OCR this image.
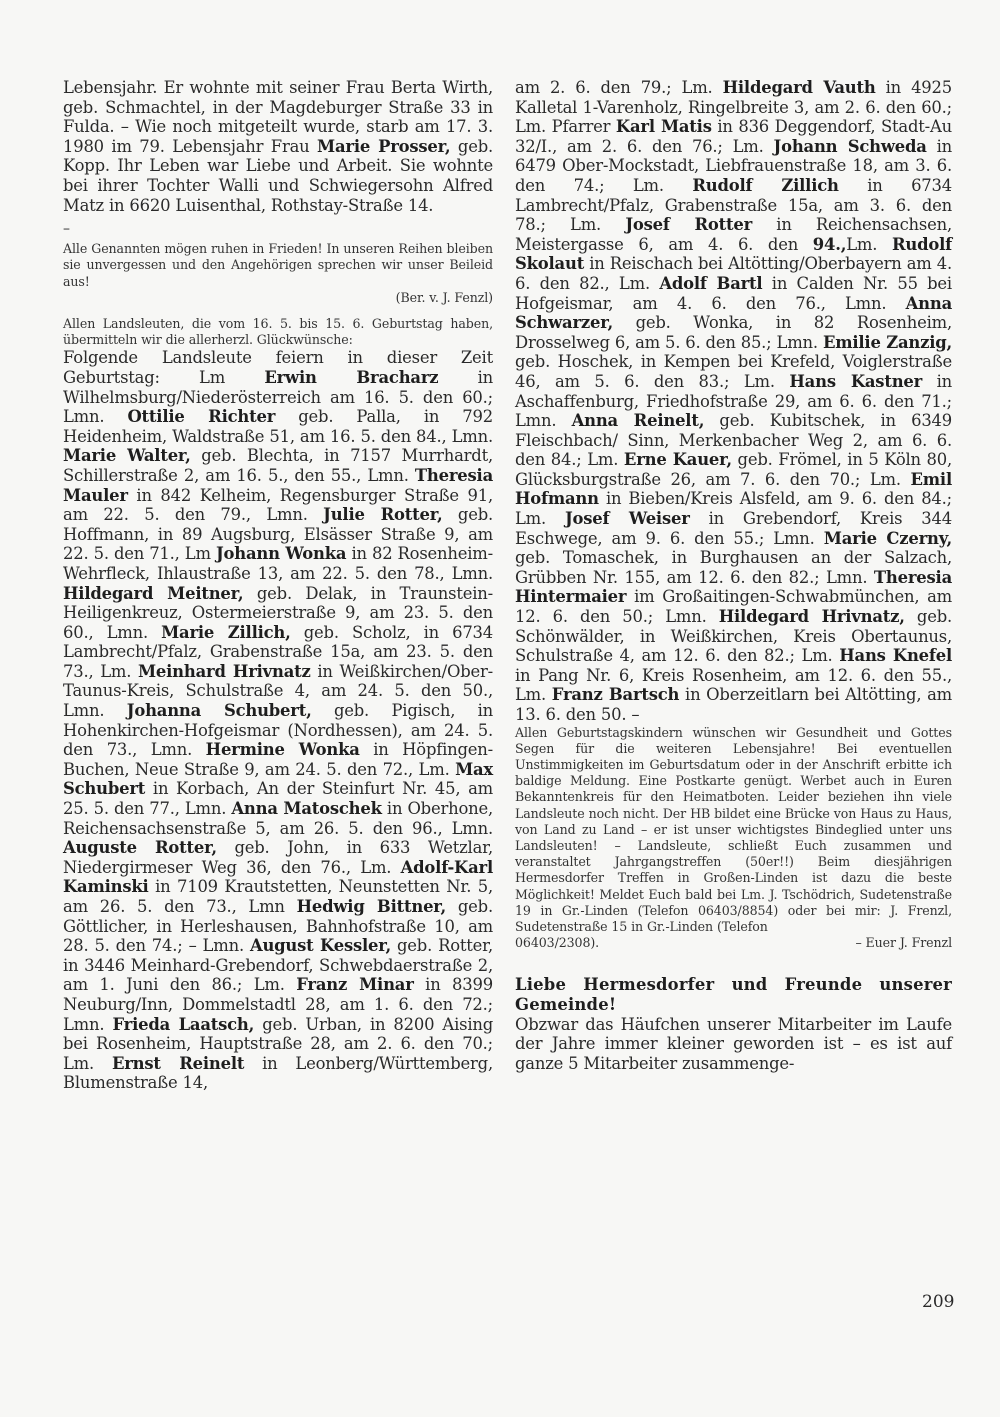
Lebensjahr. Er wohnte mit seiner Frau Berta Wirth, geb. Schmachtel, in der Magdeburger Straße 33 in Fulda. – Wie noch mitgeteilt wurde, starb am 17. 3. 1980 im 79. Lebensjahr Frau Marie Prosser, geb. Kopp. Ihr Leben war Liebe und Arbeit. Sie wohnte bei ihrer Tochter Walli und Schwiegersohn Alfred Matz in 6620 Luisenthal, Rothstay-Straße 14.

–

Alle Genannten mögen ruhen in Frieden! In unseren Reihen bleiben sie unvergessen und den Angehörigen sprechen wir unser Beileid aus!

(Ber. v. J. Fenzl)

Allen Landsleuten, die vom 16. 5. bis 15. 6. Geburtstag haben, übermitteln wir die allerherzl. Glückwünsche:

Folgende Landsleute feiern in dieser Zeit Geburtstag: Lm Erwin Bracharz in Wilhelmsburg/Niederösterreich am 16. 5. den 60.; Lmn. Ottilie Richter geb. Palla, in 792 Heidenheim, Waldstraße 51, am 16. 5. den 84., Lmn. Marie Walter, geb. Blechta, in 7157 Murrhardt, Schillerstraße 2, am 16. 5., den 55., Lmn. Theresia Mauler in 842 Kelheim, Regensburger Straße 91, am 22. 5. den 79., Lmn. Julie Rotter, geb. Hoffmann, in 89 Augsburg, Elsässer Straße 9, am 22. 5. den 71., Lm Johann Wonka in 82 Rosenheim-Wehrfleck, Ihlaustraße 13, am 22. 5. den 78., Lmn. Hildegard Meitner, geb. Delak, in Traunstein-Heiligenkreuz, Ostermeierstraße 9, am 23. 5. den 60., Lmn. Marie Zillich, geb. Scholz, in 6734 Lambrecht/Pfalz, Grabenstraße 15a, am 23. 5. den 73., Lm. Meinhard Hrivnatz in Weißkirchen/Ober-Taunus-Kreis, Schulstraße 4, am 24. 5. den 50., Lmn. Johanna Schubert, geb. Pigisch, in Hohenkirchen-Hofgeismar (Nordhessen), am 24. 5. den 73., Lmn. Hermine Wonka in Höpfingen-Buchen, Neue Straße 9, am 24. 5. den 72., Lm. Max Schubert in Korbach, An der Steinfurt Nr. 45, am 25. 5. den 77., Lmn. Anna Matoschek in Oberhone, Reichensachsenstraße 5, am 26. 5. den 96., Lmn. Auguste Rotter, geb. John, in 633 Wetzlar, Niedergirmeser Weg 36, den 76., Lm. Adolf-Karl Kaminski in 7109 Krautstetten, Neunstetten Nr. 5, am 26. 5. den 73., Lmn Hedwig Bittner, geb. Göttlicher, in Herleshausen, Bahnhofstraße 10, am 28. 5. den 74.; – Lmn. August Kessler, geb. Rotter, in 3446 Meinhard-Grebendorf, Schwebdaerstraße 2, am 1. Juni den 86.; Lm. Franz Minar in 8399 Neuburg/Inn, Dommelstadtl 28, am 1. 6. den 72.; Lmn. Frieda Laatsch, geb. Urban, in 8200 Aising bei Rosenheim, Hauptstraße 28, am 2. 6. den 70.; Lm. Ernst Reinelt in Leonberg/Württemberg, Blumenstraße 14,

am 2. 6. den 79.; Lm. Hildegard Vauth in 4925 Kalletal 1-Varenholz, Ringelbreite 3, am 2. 6. den 60.; Lm. Pfarrer Karl Matis in 836 Deggendorf, Stadt-Au 32/I., am 2. 6. den 76.; Lm. Johann Schweda in 6479 Ober-Mockstadt, Liebfrauenstraße 18, am 3. 6. den 74.; Lm. Rudolf Zillich in 6734 Lambrecht/Pfalz, Grabenstraße 15a, am 3. 6. den 78.; Lm. Josef Rotter in Reichensachsen, Meistergasse 6, am 4. 6. den 94.,Lm. Rudolf Skolaut in Reischach bei Altötting/Oberbayern am 4. 6. den 82., Lm. Adolf Bartl in Calden Nr. 55 bei Hofgeismar, am 4. 6. den 76., Lmn. Anna Schwarzer, geb. Wonka, in 82 Rosenheim, Drosselweg 6, am 5. 6. den 85.; Lmn. Emilie Zanzig, geb. Hoschek, in Kempen bei Krefeld, Voiglerstraße 46, am 5. 6. den 83.; Lm. Hans Kastner in Aschaffenburg, Friedhofstraße 29, am 6. 6. den 71.; Lmn. Anna Reinelt, geb. Kubitschek, in 6349 Fleischbach/ Sinn, Merkenbacher Weg 2, am 6. 6. den 84.; Lm. Erne Kauer, geb. Frömel, in 5 Köln 80, Glücksburgstraße 26, am 7. 6. den 70.; Lm. Emil Hofmann in Bieben/Kreis Alsfeld, am 9. 6. den 84.; Lm. Josef Weiser in Grebendorf, Kreis 344 Eschwege, am 9. 6. den 55.; Lmn. Marie Czerny, geb. Tomaschek, in Burghausen an der Salzach, Grübben Nr. 155, am 12. 6. den 82.; Lmn. Theresia Hintermaier im Großaitingen-Schwabmünchen, am 12. 6. den 50.; Lmn. Hildegard Hrivnatz, geb. Schönwälder, in Weißkirchen, Kreis Obertaunus, Schulstraße 4, am 12. 6. den 82.; Lm. Hans Knefel in Pang Nr. 6, Kreis Rosenheim, am 12. 6. den 55., Lm. Franz Bartsch in Oberzeitlarn bei Altötting, am 13. 6. den 50. –

Allen Geburtstagskindern wünschen wir Gesundheit und Gottes Segen für die weiteren Lebensjahre! Bei eventuellen Unstimmigkeiten im Geburtsdatum oder in der Anschrift erbitte ich baldige Meldung. Eine Postkarte genügt. Werbet auch in Euren Bekanntenkreis für den Heimatboten. Leider beziehen ihn viele Landsleute noch nicht. Der HB bildet eine Brücke von Haus zu Haus, von Land zu Land – er ist unser wichtigstes Bindeglied unter uns Landsleuten! – Landsleute, schließt Euch zusammen und veranstaltet Jahrgangstreffen (50er!!) Beim diesjährigen Hermesdorfer Treffen in Großen-Linden ist dazu die beste Möglichkeit! Meldet Euch bald bei Lm. J. Tschödrich, Sudetenstraße 19 in Gr.-Linden (Telefon 06403/8854) oder bei mir: J. Frenzl, Sudetenstraße 15 in Gr.-Linden (Telefon

06403/2308).	– Euer J. Frenzl
Liebe Hermesdorfer und Freunde unserer Gemeinde!

Obzwar das Häufchen unserer Mitarbeiter im Laufe der Jahre immer kleiner geworden ist – es ist auf ganze 5 Mitarbeiter zusammenge-

209
